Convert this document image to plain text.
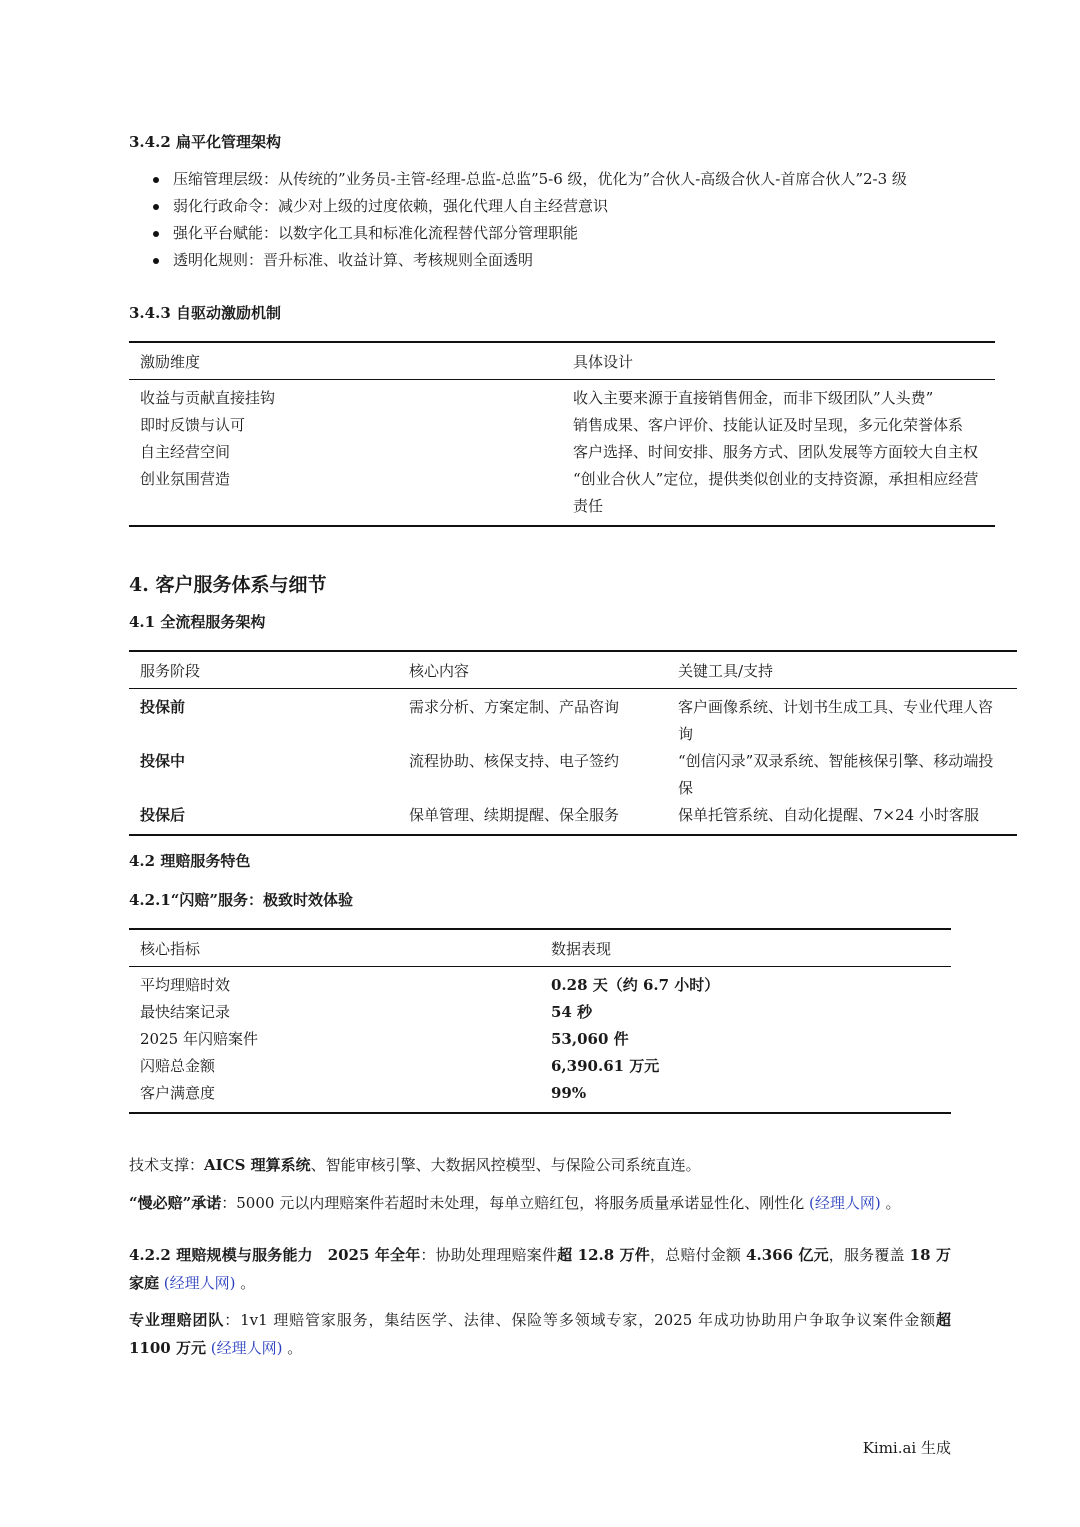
3.4.2 扁平化管理架构
压缩管理层级：从传统的”业务员-主管-经理-总监-总监”5-6 级，优化为”合伙人-高级合伙人-首席合伙人”2-3 级
弱化行政命令：减少对上级的过度依赖，强化代理人自主经营意识
强化平台赋能：以数字化工具和标准化流程替代部分管理职能
透明化规则：晋升标准、收益计算、考核规则全面透明
3.4.3 自驱动激励机制
激励维度	具体设计
收益与贡献直接挂钩	收入主要来源于直接销售佣金，而非下级团队”人头费”
即时反馈与认可	销售成果、客户评价、技能认证及时呈现，多元化荣誉体系
自主经营空间	客户选择、时间安排、服务方式、团队发展等方面较大自主权
创业氛围营造	“创业合伙人”定位，提供类似创业的支持资源，承担相应经营责任
4. 客户服务体系与细节
4.1 全流程服务架构
服务阶段	核心内容	关键工具/支持
投保前	需求分析、方案定制、产品咨询	客户画像系统、计划书生成工具、专业代理人咨询
投保中	流程协助、核保支持、电子签约	“创信闪录”双录系统、智能核保引擎、移动端投保
投保后	保单管理、续期提醒、保全服务	保单托管系统、自动化提醒、7×24 小时客服
4.2 理赔服务特色
4.2.1“闪赔”服务：极致时效体验
核心指标	数据表现
平均理赔时效	0.28 天（约 6.7 小时）
最快结案记录	54 秒
2025 年闪赔案件	53,060 件
闪赔总金额	6,390.61 万元
客户满意度	99%
技术支撑：AICS 理算系统、智能审核引擎、大数据风控模型、与保险公司系统直连。
“慢必赔”承诺：5000 元以内理赔案件若超时未处理，每单立赔红包，将服务质量承诺显性化、刚性化 (经理人网) 。
4.2.2 理赔规模与服务能力 2025 年全年：协助处理理赔案件超 12.8 万件，总赔付金额 4.366 亿元，服务覆盖 18 万家庭 (经理人网) 。
专业理赔团队：1v1 理赔管家服务，集结医学、法律、保险等多领域专家，2025 年成功协助用户争取争议案件金额超 1100 万元 (经理人网) 。
Kimi.ai 生成
